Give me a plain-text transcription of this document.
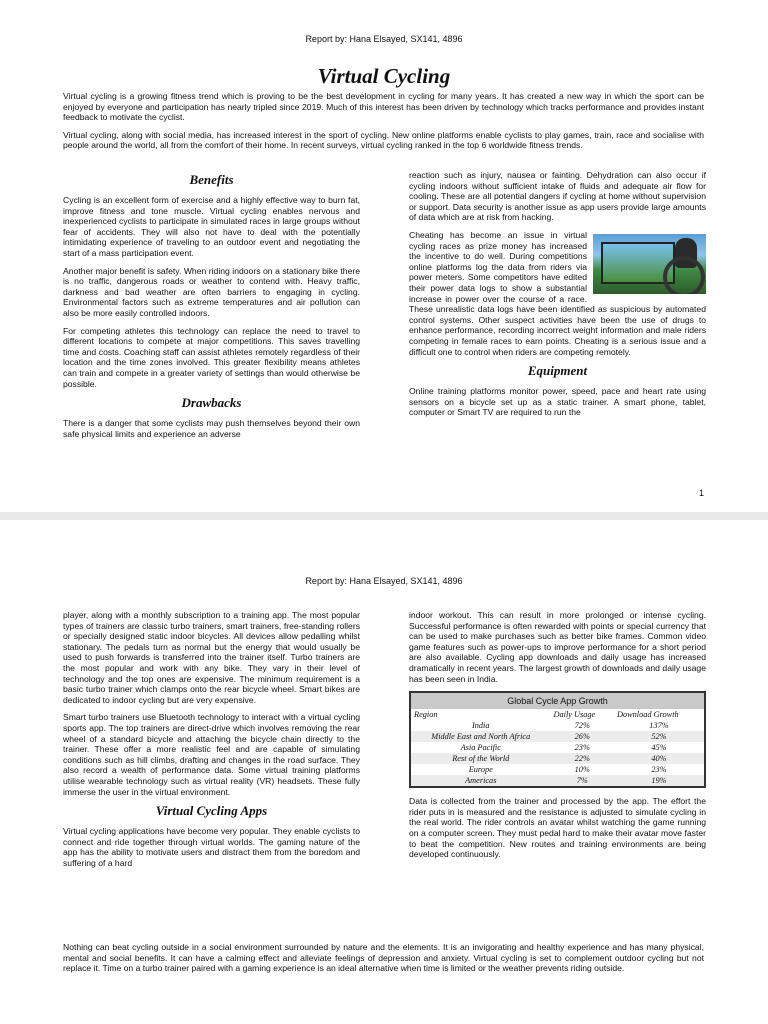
Report by: Hana Elsayed, SX141, 4896
Virtual Cycling

Virtual cycling is a growing fitness trend which is proving to be the best development in cycling for many years. It has created a new way in which the sport can be enjoyed by everyone and participation has nearly tripled since 2019. Much of this interest has been driven by technology which tracks performance and provides instant feedback to motivate the cyclist.

Virtual cycling, along with social media, has increased interest in the sport of cycling. New online platforms enable cyclists to play games, train, race and socialise with people around the world, all from the comfort of their home. In recent surveys, virtual cycling ranked in the top 6 worldwide fitness trends.

Benefits

Cycling is an excellent form of exercise and a highly effective way to burn fat, improve fitness and tone muscle. Virtual cycling enables nervous and inexperienced cyclists to participate in simulated races in large groups without fear of accidents. They will also not have to deal with the potentially intimidating experience of traveling to an outdoor event and negotiating the start of a mass participation event.

Another major benefit is safety. When riding indoors on a stationary bike there is no traffic, dangerous roads or weather to contend with. Heavy traffic, darkness and bad weather are often barriers to engaging in cycling. Environmental factors such as extreme temperatures and air pollution can also be more easily controlled indoors.

For competing athletes this technology can replace the need to travel to different locations to compete at major competitions. This saves travelling time and costs. Coaching staff can assist athletes remotely regardless of their location and the time zones involved. This greater flexibility means athletes can train and compete in a greater variety of settings than would otherwise be possible.

Drawbacks

There is a danger that some cyclists may push themselves beyond their own safe physical limits and experience an adverse

reaction such as injury, nausea or fainting. Dehydration can also occur if cycling indoors without sufficient intake of fluids and adequate air flow for cooling. These are all potential dangers if cycling at home without supervision or support. Data security is another issue as app users provide large amounts of data which are at risk from hacking.

Cheating has become an issue in virtual cycling races as prize money has increased the incentive to do well. During competitions online platforms log the data from riders via power meters. Some competitors have edited their power data logs to show a substantial increase in power over the course of a race. These unrealistic data logs have been identified as suspicious by automated control systems. Other suspect activities have been the use of drugs to enhance performance, recording incorrect weight information and male riders competing in female races to earn points. Cheating is a serious issue and a difficult one to control when riders are competing remotely.
Equipment

Online training platforms monitor power, speed, pace and heart rate using sensors on a bicycle set up as a static trainer. A smart phone, tablet, computer or Smart TV are required to run the

1
Report by: Hana Elsayed, SX141, 4896

player, along with a monthly subscription to a training app. The most popular types of trainers are classic turbo trainers, smart trainers, free-standing rollers or specially designed static indoor bicycles. All devices allow pedalling whilst stationary. The pedals turn as normal but the energy that would usually be used to push forwards is transferred into the trainer itself. Turbo trainers are the most popular and work with any bike. They vary in their level of technology and the top ones are expensive. The minimum requirement is a basic turbo trainer which clamps onto the rear bicycle wheel. Smart bikes are dedicated to indoor cycling but are very expensive.

Smart turbo trainers use Bluetooth technology to interact with a virtual cycling sports app. The top trainers are direct-drive which involves removing the rear wheel of a standard bicycle and attaching the bicycle chain directly to the trainer. These offer a more realistic feel and are capable of simulating conditions such as hill climbs, drafting and changes in the road surface. They also record a wealth of performance data. Some virtual training platforms utilise wearable technology such as virtual reality (VR) headsets. These fully immerse the user in the virtual environment.

Virtual Cycling Apps

Virtual cycling applications have become very popular. They enable cyclists to connect and ride together through virtual worlds. The gaming nature of the app has the ability to motivate users and distract them from the boredom and suffering of a hard

indoor workout. This can result in more prolonged or intense cycling. Successful performance is often rewarded with points or special currency that can be used to make purchases such as better bike frames. Common video game features such as power-ups to improve performance for a short period are also available. Cycling app downloads and daily usage has increased dramatically in recent years. The largest growth of downloads and daily usage has been seen in India.

Global Cycle App Growth
Region	Daily Usage	Download Growth
India	72%	137%
Middle East and North Africa	26%	52%
Asia Pacific	23%	45%
Rest of the World	22%	40%
Europe	10%	23%
Americas	7%	19%

Data is collected from the trainer and processed by the app. The effort the rider puts in is measured and the resistance is adjusted to simulate cycling in the real world. The rider controls an avatar whilst watching the game running on a computer screen. They must pedal hard to make their avatar move faster to beat the competition. New routes and training environments are being developed continuously.

Nothing can beat cycling outside in a social environment surrounded by nature and the elements. It is an invigorating and healthy experience and has many physical, mental and social benefits. It can have a calming effect and alleviate feelings of depression and anxiety. Virtual cycling is set to complement outdoor cycling but not replace it. Time on a turbo trainer paired with a gaming experience is an ideal alternative when time is limited or the weather prevents riding outside.
